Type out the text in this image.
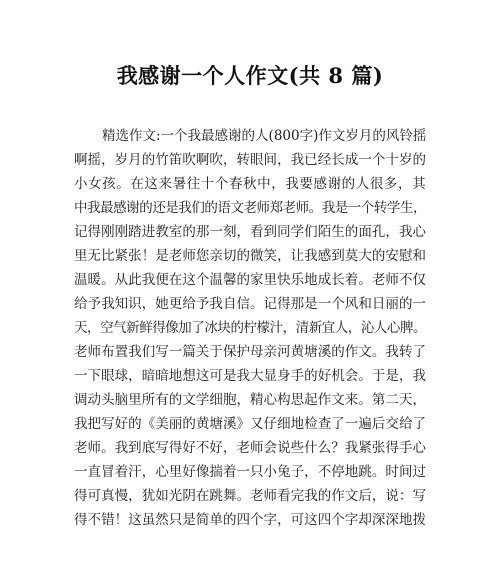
我感谢一个人作文(共 8 篇)
精选作文:一个我最感谢的人(800字)作文岁月的风铃摇
啊摇，岁月的竹笛吹啊吹，转眼间，我已经长成一个十岁的
小女孩。在这来暑往十个春秋中，我要感谢的人很多，其
中我最感谢的还是我们的语文老师郑老师。我是一个转学生，
记得刚刚踏进教室的那一刻，看到同学们陌生的面孔，我心
里无比紧张！是老师您亲切的微笑，让我感到莫大的安慰和
温暖。从此我便在这个温馨的家里快乐地成长着。老师不仅
给予我知识，她更给予我自信。记得那是一个风和日丽的一
天，空气新鲜得像加了冰块的柠檬汁，清新宜人，沁人心脾。
老师布置我们写一篇关于保护母亲河黄塘溪的作文。我转了
一下眼球，暗暗地想这可是我大显身手的好机会。于是，我
调动头脑里所有的文学细胞，精心构思起作文来。第二天，
我把写好的《美丽的黄塘溪》又仔细地检查了一遍后交给了
老师。我到底写得好不好，老师会说些什么？我紧张得手心
一直冒着汗，心里好像揣着一只小兔子，不停地跳。时间过
得可真慢，犹如光阴在跳舞。老师看完我的作文后，说：写
得不错！这虽然只是简单的四个字，可这四个字却深深地拨
